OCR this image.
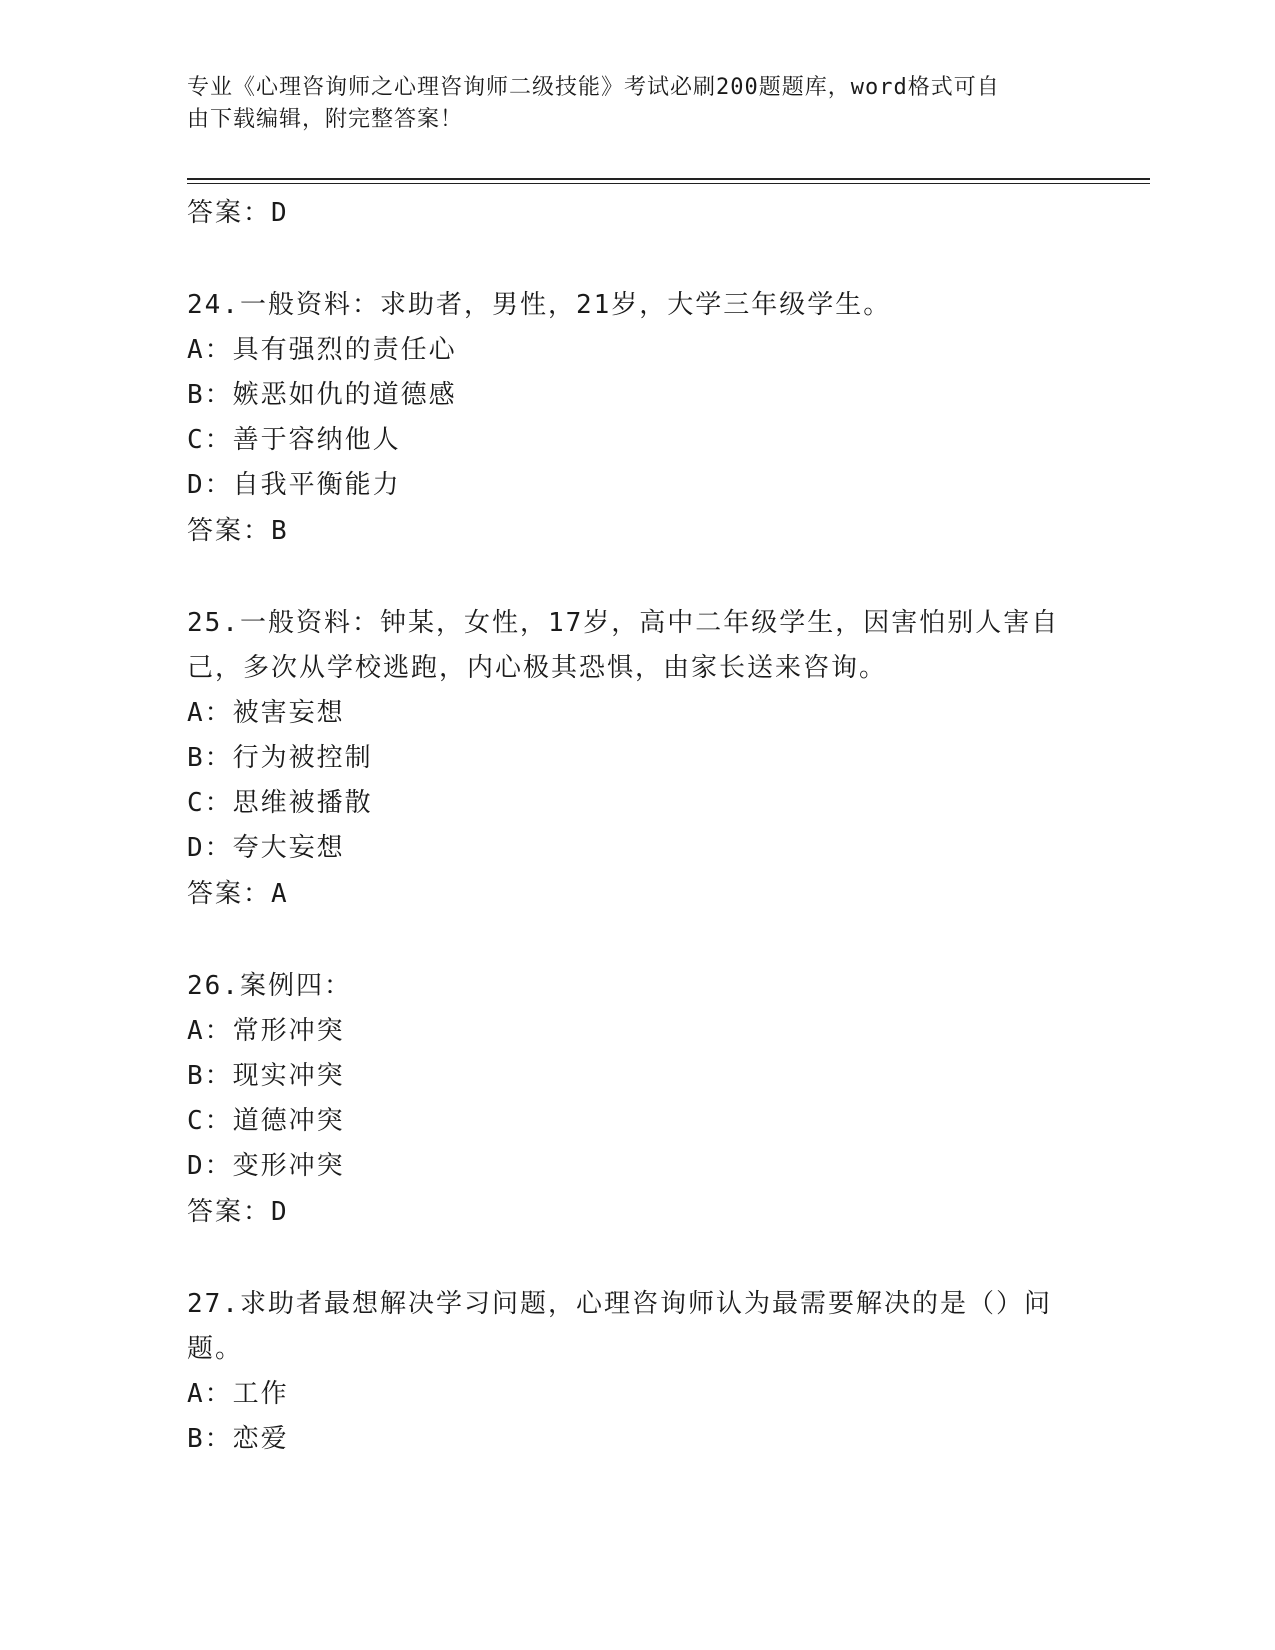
专业《心理咨询师之心理咨询师二级技能》考试必刷200题题库，word格式可自
由下载编辑，附完整答案！
答案：D
24.一般资料：求助者，男性，21岁，大学三年级学生。
A：具有强烈的责任心
B：嫉恶如仇的道德感
C：善于容纳他人
D：自我平衡能力
答案：B
25.一般资料：钟某，女性，17岁，高中二年级学生，因害怕别人害自己，多次从学校逃跑，内心极其恐惧，由家长送来咨询。
A：被害妄想
B：行为被控制
C：思维被播散
D：夸大妄想
答案：A
26.案例四：
A：常形冲突
B：现实冲突
C：道德冲突
D：变形冲突
答案：D
27.求助者最想解决学习问题，心理咨询师认为最需要解决的是（）问题。
A：工作
B：恋爱
